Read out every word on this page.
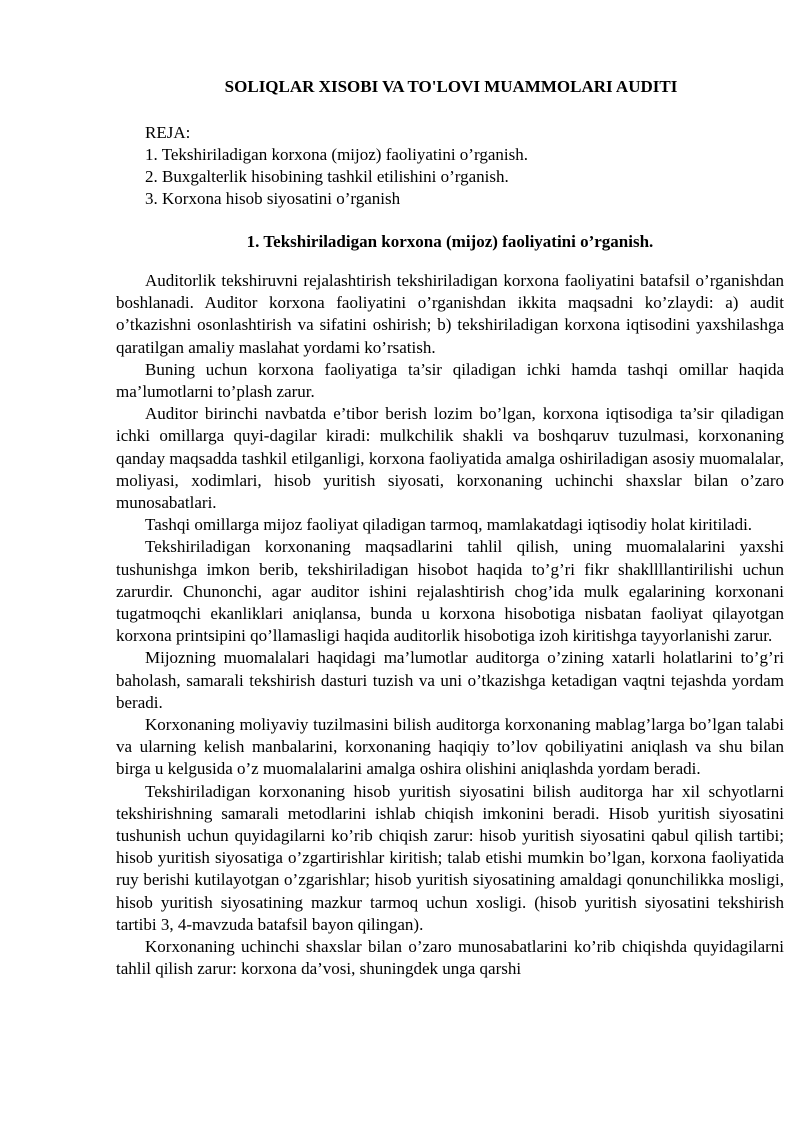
SOLIQLAR XISOBI VA TO'LOVI MUAMMOLARI AUDITI
REJA:
1. Tekshiriladigan korxona (mijoz) faoliyatini o’rganish.
2. Buxgalterlik hisobining tashkil etilishini o’rganish.
3. Korxona hisob siyosatini o’rganish
1. Tekshiriladigan korxona (mijoz) faoliyatini o’rganish.

Auditorlik tekshiruvni rejalashtirish tekshiriladigan korxona faoliyatini batafsil o’rganishdan boshlanadi. Auditor korxona faoliyatini o’rganishdan ikkita maqsadni ko’zlaydi: a) audit o’tkazishni osonlashtirish va sifatini oshirish; b) tekshiriladigan korxona iqtisodini yaxshilashga qaratilgan amaliy maslahat yordami ko’rsatish.

Buning uchun korxona faoliyatiga ta’sir qiladigan ichki hamda tashqi omillar haqida ma’lumotlarni to’plash zarur.

Auditor birinchi navbatda e’tibor berish lozim bo’lgan, korxona iqtisodiga ta’sir qiladigan ichki omillarga quyi-dagilar kiradi: mulkchilik shakli va boshqaruv tuzulmasi, korxonaning qanday maqsadda tashkil etilganligi, korxona faoliyatida amalga oshiriladigan asosiy muomalalar, moliyasi, xodimlari, hisob yuritish siyosati, korxonaning uchinchi shaxslar bilan o’zaro munosabatlari.

Tashqi omillarga mijoz faoliyat qiladigan tarmoq, mamlakatdagi iqtisodiy holat kiritiladi.

Tekshiriladigan korxonaning maqsadlarini tahlil qilish, uning muomalalarini yaxshi tushunishga imkon berib, tekshiriladigan hisobot haqida to’g’ri fikr shakllllantirilishi uchun zarurdir. Chunonchi, agar auditor ishini rejalashtirish chog’ida mulk egalarining korxonani tugatmoqchi ekanliklari aniqlansa, bunda u korxona hisobotiga nisbatan faoliyat qilayotgan korxona printsipini qo’llamasligi haqida auditorlik hisobotiga izoh kiritishga tayyorlanishi zarur.

Mijozning muomalalari haqidagi ma’lumotlar auditorga o’zining xatarli holatlarini to’g’ri baholash, samarali tekshirish dasturi tuzish va uni o’tkazishga ketadigan vaqtni tejashda yordam beradi.

Korxonaning moliyaviy tuzilmasini bilish auditorga korxonaning mablag’larga bo’lgan talabi va ularning kelish manbalarini, korxonaning haqiqiy to’lov qobiliyatini aniqlash va shu bilan birga u kelgusida o’z muomalalarini amalga oshira olishini aniqlashda yordam beradi.

Tekshiriladigan korxonaning hisob yuritish siyosatini bilish auditorga har xil schyotlarni tekshirishning samarali metodlarini ishlab chiqish imkonini beradi. Hisob yuritish siyosatini tushunish uchun quyidagilarni ko’rib chiqish zarur: hisob yuritish siyosatini qabul qilish tartibi; hisob yuritish siyosatiga o’zgartirishlar kiritish; talab etishi mumkin bo’lgan, korxona faoliyatida ruy berishi kutilayotgan o’zgarishlar; hisob yuritish siyosatining amaldagi qonunchilikka mosligi, hisob yuritish siyosatining mazkur tarmoq uchun xosligi. (hisob yuritish siyosatini tekshirish tartibi 3, 4-mavzuda batafsil bayon qilingan).

Korxonaning uchinchi shaxslar bilan o’zaro munosabatlarini ko’rib chiqishda quyidagilarni tahlil qilish zarur: korxona da’vosi, shuningdek unga qarshi
